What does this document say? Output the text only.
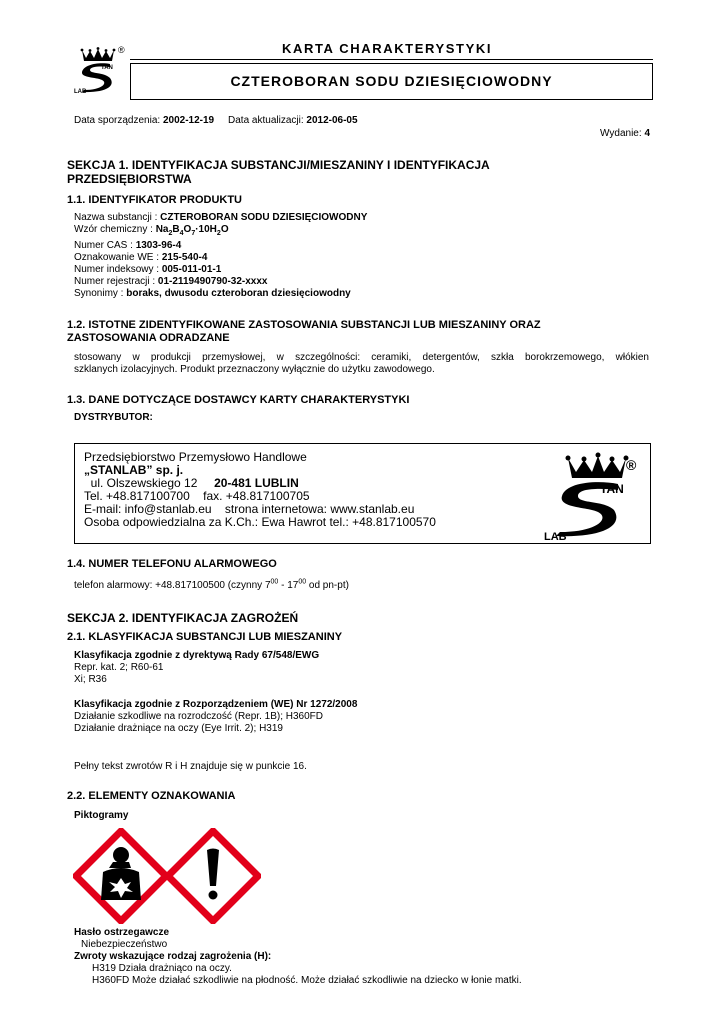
TAN
LAB
®	KARTA CHARAKTERYSTYKI
CZTEROBORAN SODU DZIESIĘCIOWODNY
Data sporządzenia: 2002-12-19 Data aktualizacji: 2012-06-05
Wydanie: 4
SEKCJA 1. IDENTYFIKACJA SUBSTANCJI/MIESZANINY I IDENTYFIKACJA
PRZEDSIĘBIORSTWA
1.1. IDENTYFIKATOR PRODUKTU
Nazwa substancji : CZTEROBORAN SODU DZIESIĘCIOWODNY
Wzór chemiczny : $Na_2B_4O_7\cdot 10H_2O$
Numer CAS : 1303-96-4
Oznakowanie WE : 215-540-4
Numer indeksowy : 005-011-01-1
Numer rejestracji : 01-2119490790-32-xxxx
Synonimy : boraks, dwusodu czteroboran dziesięciowodny
1.2. ISTOTNE ZIDENTYFIKOWANE ZASTOSOWANIA SUBSTANCJI LUB MIESZANINY ORAZ
ZASTOSOWANIA ODRADZANE
stosowany w produkcji przemysłowej, w szczególności: ceramiki, detergentów, szkła borokrzemowego, włókien
szklanych izolacyjnych. Produkt przeznaczony wyłącznie do użytku zawodowego.
1.3. DANE DOTYCZĄCE DOSTAWCY KARTY CHARAKTERYSTYKI
DYSTRYBUTOR:
Przedsiębiorstwo Przemysłowo Handlowe
„STANLAB” sp. j.
ul. Olszewskiego 12 20-481 LUBLIN
Tel. +48.817100700 fax. +48.817100705
E-mail: info@stanlab.eu strona internetowa: www.stanlab.eu
Osoba odpowiedzialna za K.Ch.: Ewa Hawrot tel.: +48.817100570
TAN
LAB
®
1.4. NUMER TELEFONU ALARMOWEGO
telefon alarmowy: +48.817100500 (czynny $7^{00} - 17^{00}$ od pn-pt)
SEKCJA 2. IDENTYFIKACJA ZAGROŻEŃ
2.1. KLASYFIKACJA SUBSTANCJI LUB MIESZANINY
Klasyfikacja zgodnie z dyrektywą Rady 67/548/EWG
Repr. kat. 2; R60-61
Xi; R36
Klasyfikacja zgodnie z Rozporządzeniem (WE) Nr 1272/2008
Działanie szkodliwe na rozrodczość (Repr. 1B); H360FD
Działanie drażniące na oczy (Eye Irrit. 2); H319
Pełny tekst zwrotów R i H znajduje się w punkcie 16.
2.2. ELEMENTY OZNAKOWANIA
Piktogramy
Hasło ostrzegawcze
Niebezpieczeństwo
Zwroty wskazujące rodzaj zagrożenia (H):
H319 Działa drażniąco na oczy.
H360FD Może działać szkodliwie na płodność. Może działać szkodliwie na dziecko w łonie matki.
